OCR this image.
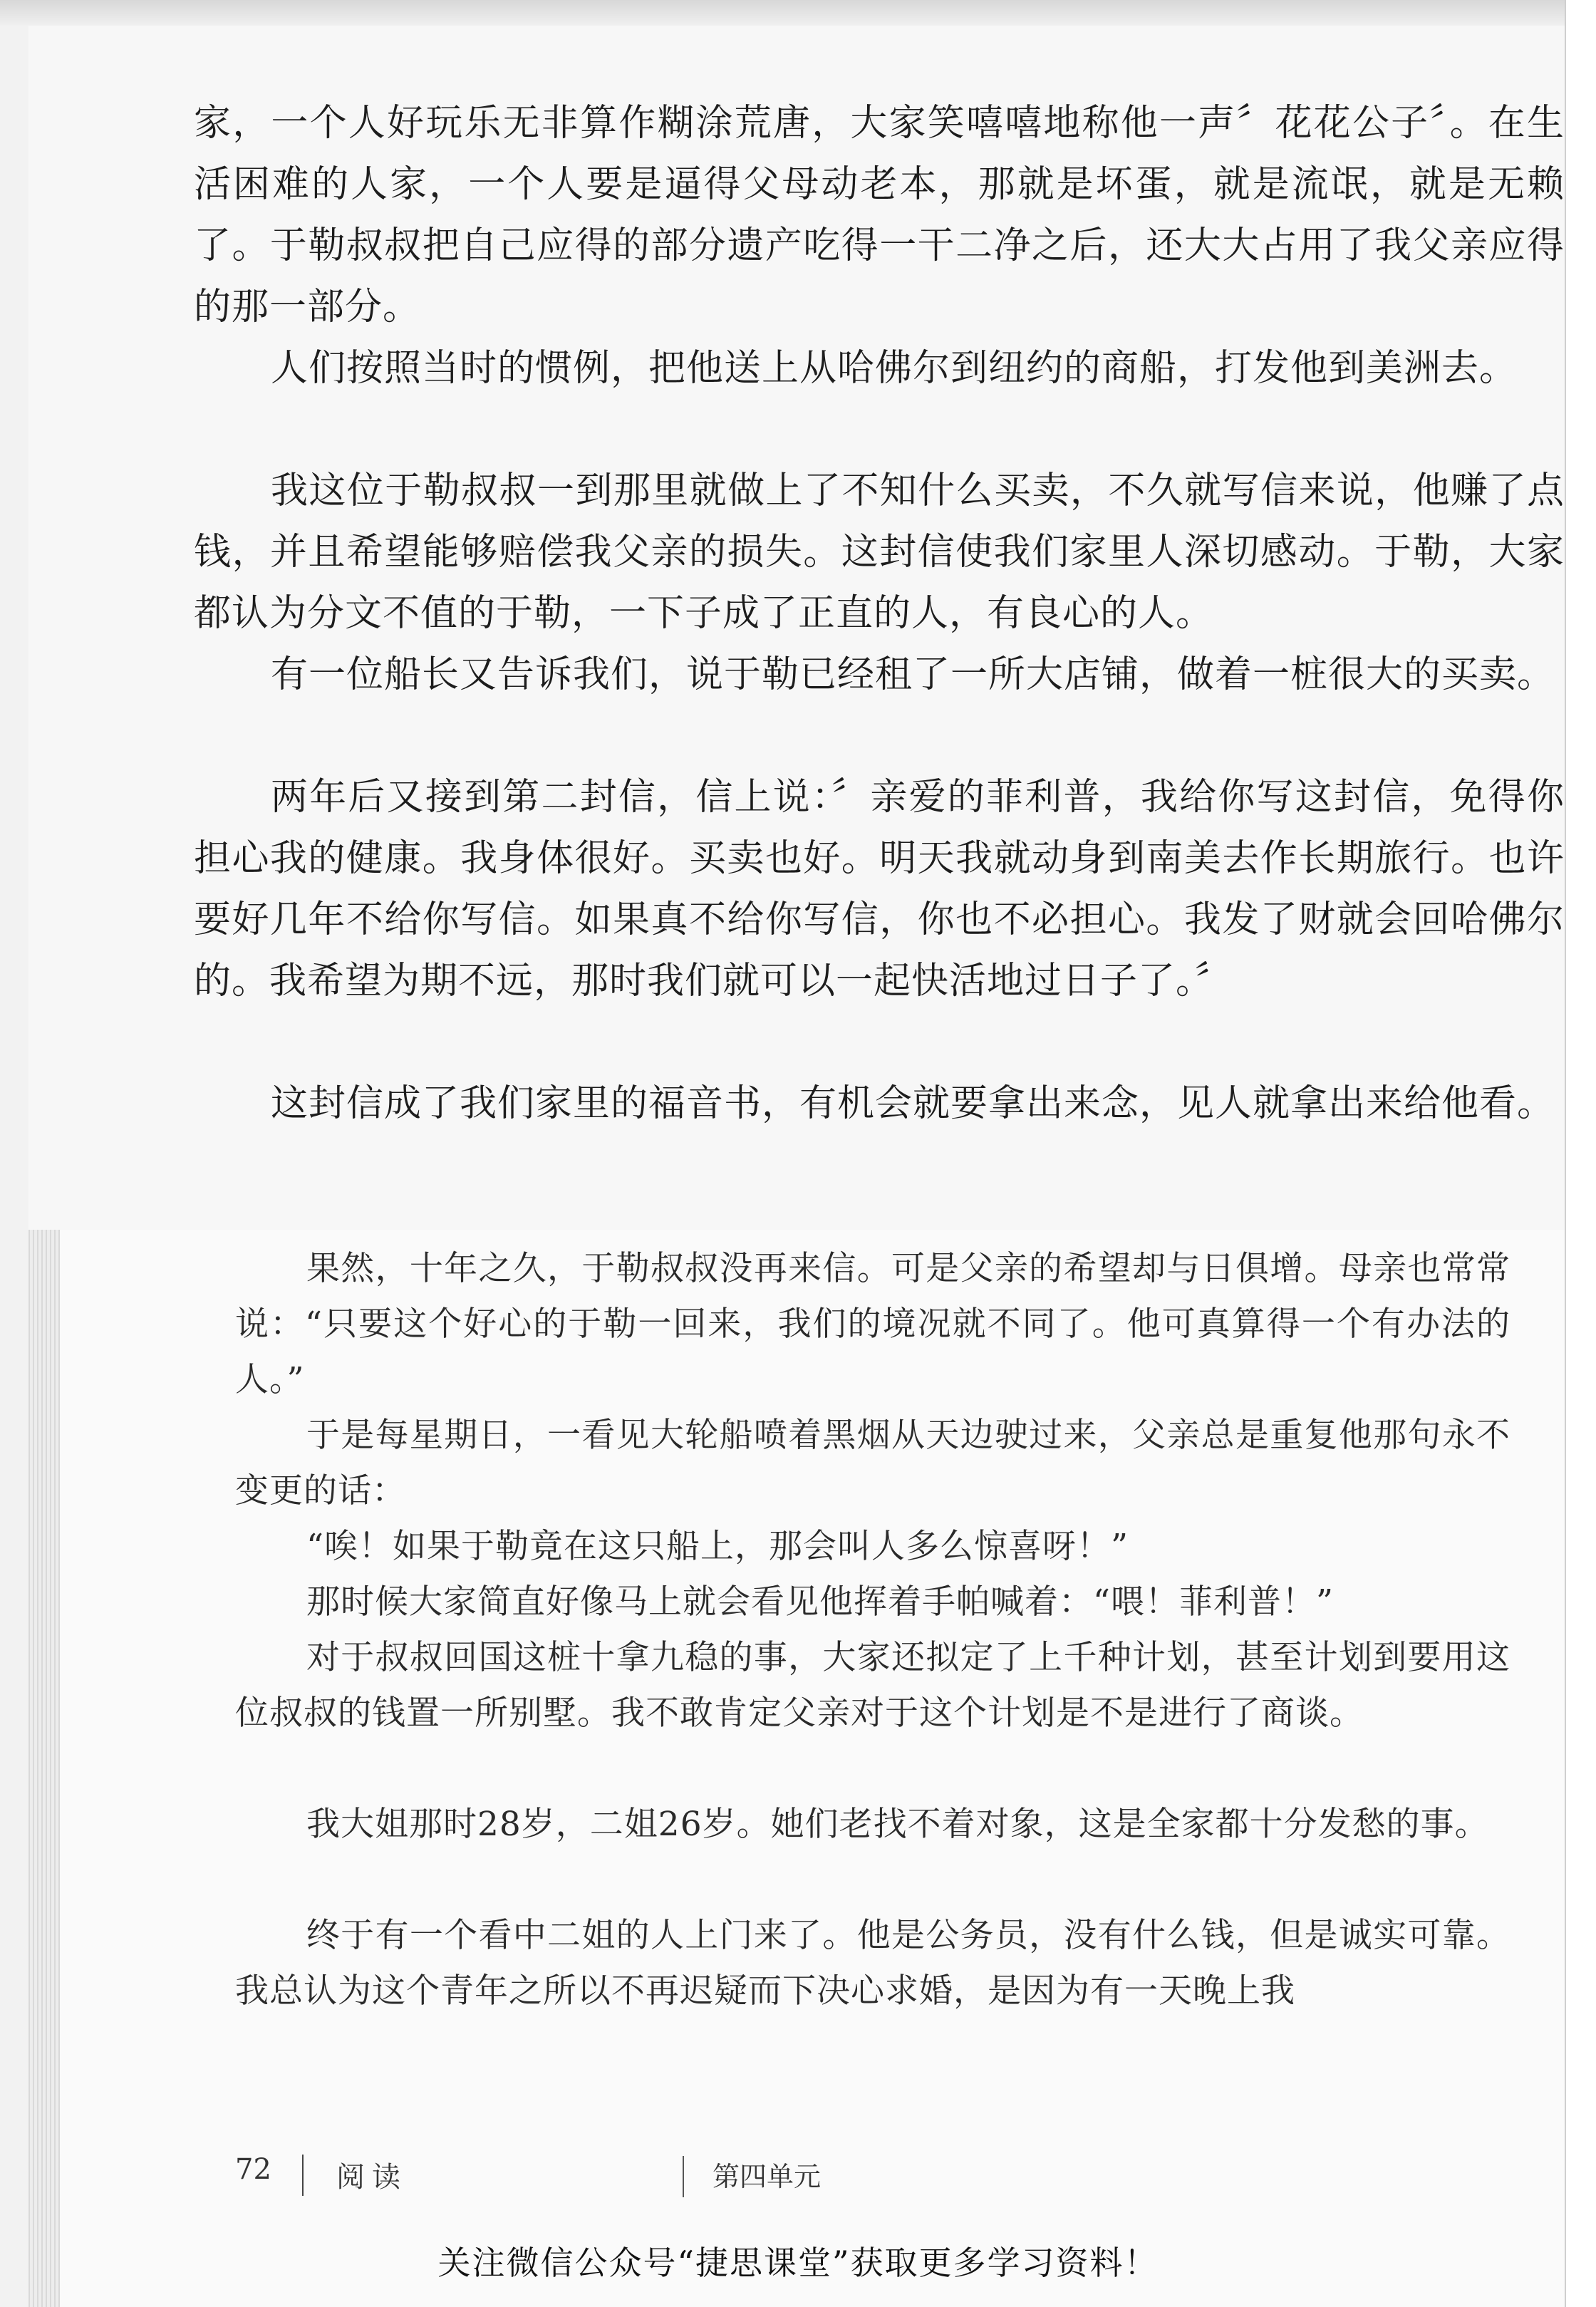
家，一个人好玩乐无非算作糊涂荒唐，大家笑嘻嘻地称他一声〞花花公子〞。在生活困难的人家，一个人要是逼得父母动老本，那就是坏蛋，就是流氓，就是无赖了。于勒叔叔把自己应得的部分遗产吃得一干二净之后，还大大占用了我父亲应得的那一部分。

人们按照当时的惯例，把他送上从哈佛尔到纽约的商船，打发他到美洲去。

我这位于勒叔叔一到那里就做上了不知什么买卖，不久就写信来说，他赚了点钱，并且希望能够赔偿我父亲的损失。这封信使我们家里人深切感动。于勒，大家都认为分文不值的于勒，一下子成了正直的人，有良心的人。

有一位船长又告诉我们，说于勒已经租了一所大店铺，做着一桩很大的买卖。

两年后又接到第二封信，信上说：〞亲爱的菲利普，我给你写这封信，免得你担心我的健康。我身体很好。买卖也好。明天我就动身到南美去作长期旅行。也许要好几年不给你写信。如果真不给你写信，你也不必担心。我发了财就会回哈佛尔的。我希望为期不远，那时我们就可以一起快活地过日子了。〞

这封信成了我们家里的福音书，有机会就要拿出来念，见人就拿出来给他看。

果然，十年之久，于勒叔叔没再来信。可是父亲的希望却与日俱增。母亲也常常说：“只要这个好心的于勒一回来，我们的境况就不同了。他可真算得一个有办法的人。”

于是每星期日，一看见大轮船喷着黑烟从天边驶过来，父亲总是重复他那句永不变更的话：

“唉！如果于勒竟在这只船上，那会叫人多么惊喜呀！”

那时候大家简直好像马上就会看见他挥着手帕喊着：“喂！菲利普！”

对于叔叔回国这桩十拿九稳的事，大家还拟定了上千种计划，甚至计划到要用这位叔叔的钱置一所别墅。我不敢肯定父亲对于这个计划是不是进行了商谈。

我大姐那时28岁，二姐26岁。她们老找不着对象，这是全家都十分发愁的事。

终于有一个看中二姐的人上门来了。他是公务员，没有什么钱，但是诚实可靠。我总认为这个青年之所以不再迟疑而下决心求婚，是因为有一天晚上我

72 阅读	第四单元
关注微信公众号“捷思课堂”获取更多学习资料！
